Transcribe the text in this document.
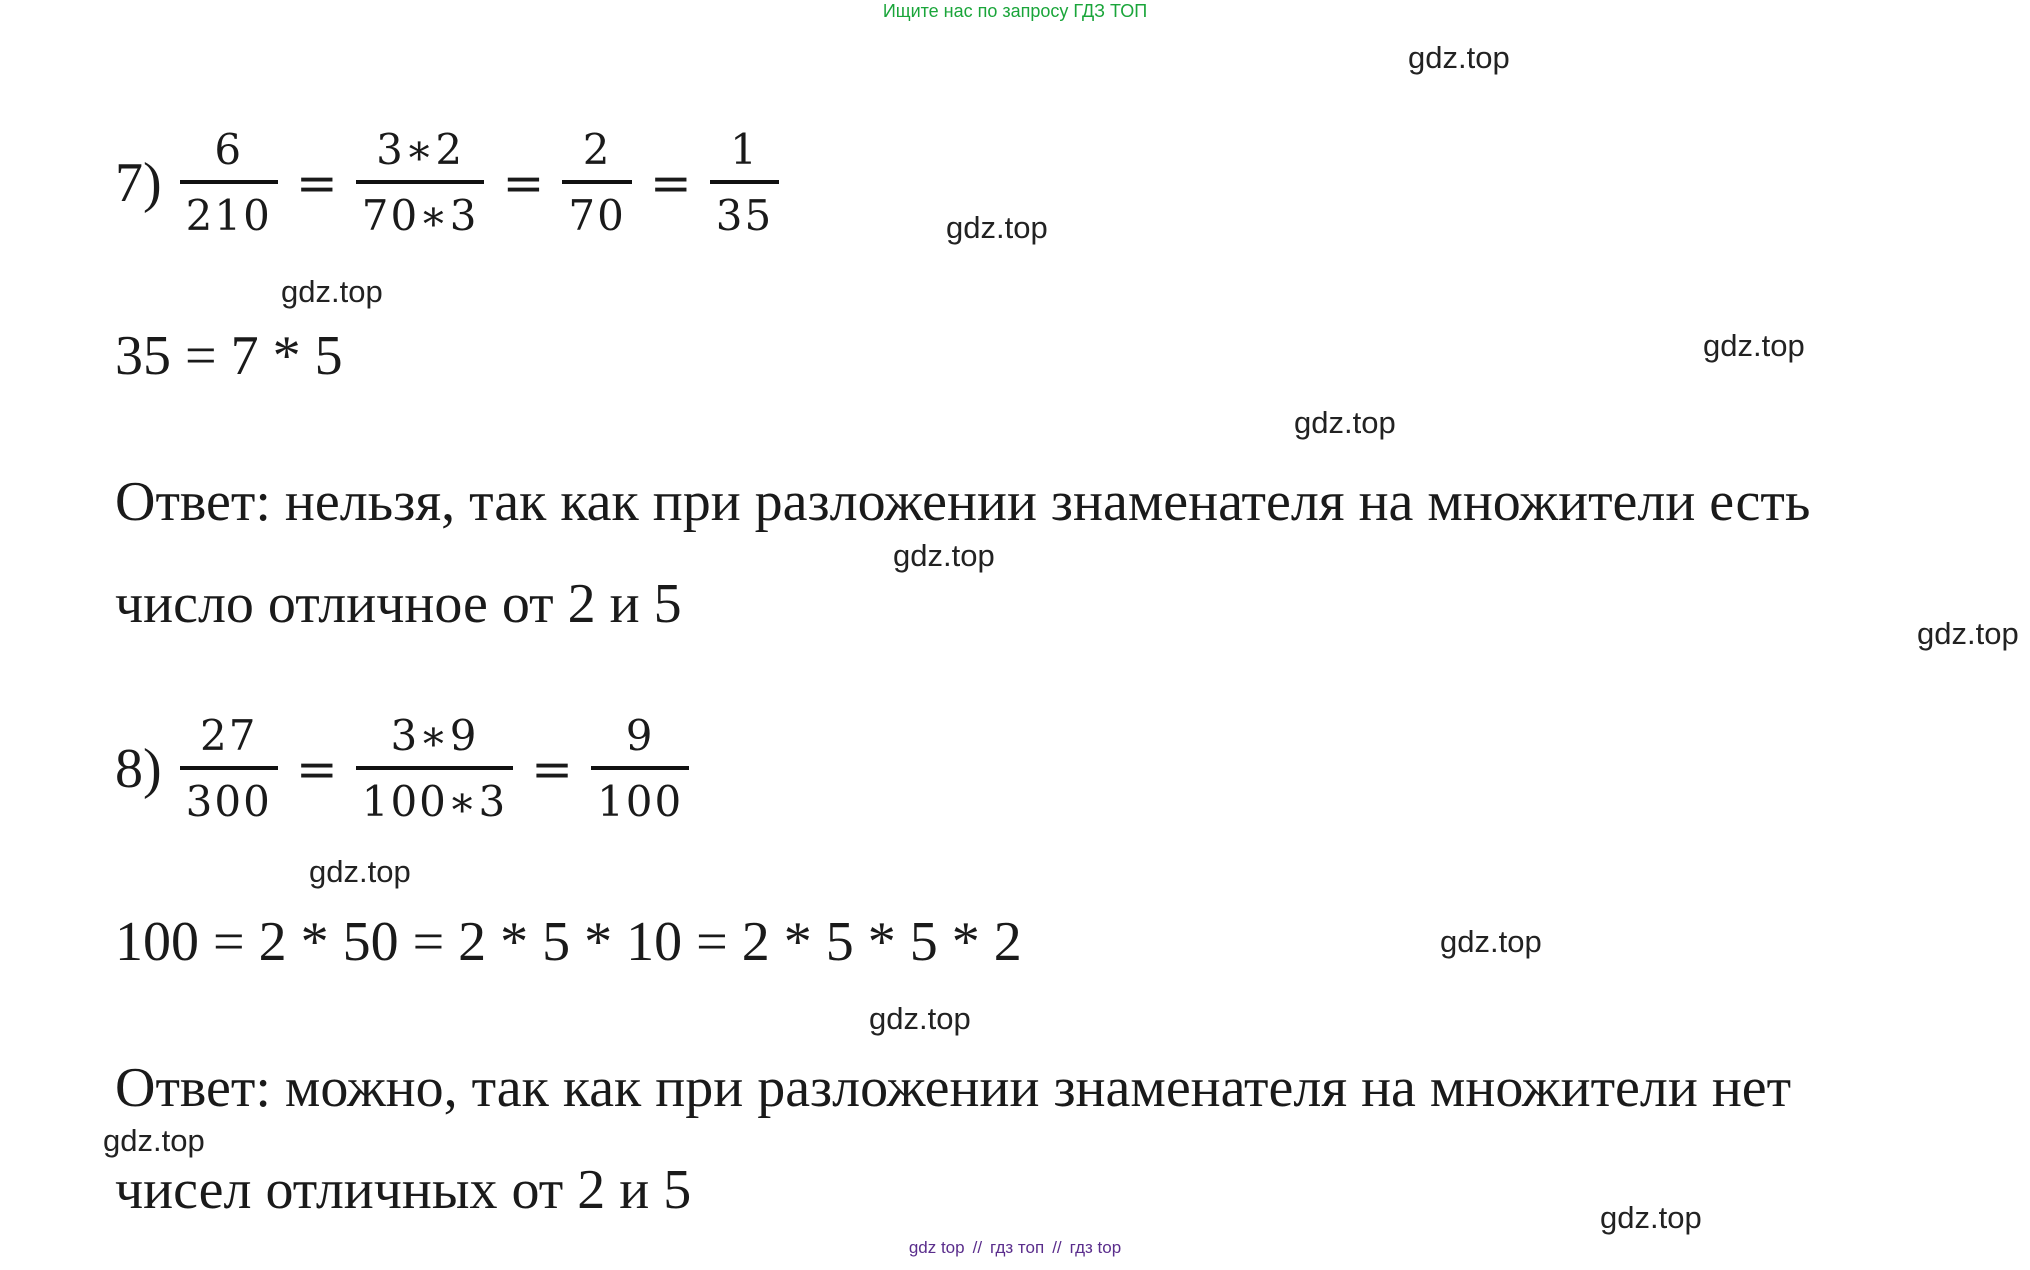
Ищите нас по запросу ГДЗ ТОП
gdz.top
gdz.top
gdz.top
gdz.top
gdz.top
gdz.top
gdz.top
gdz.top
gdz.top
gdz.top
gdz.top
gdz.top
$7) \frac{6}{210} = \frac{3∗2}{70∗3} = \frac{2}{70} = \frac{1}{35}$
35 = 7 * 5
Ответ: нельзя, так как при разложении знаменателя на множители есть
число отличное от 2 и 5
$8) \frac{27}{300} = \frac{3∗9}{100∗3} = \frac{9}{100}$
100 = 2 * 50 = 2 * 5 * 10 = 2 * 5 * 5 * 2
Ответ: можно, так как при разложении знаменателя на множители нет
чисел отличных от 2 и 5
gdz top // гдз топ // гдз top
